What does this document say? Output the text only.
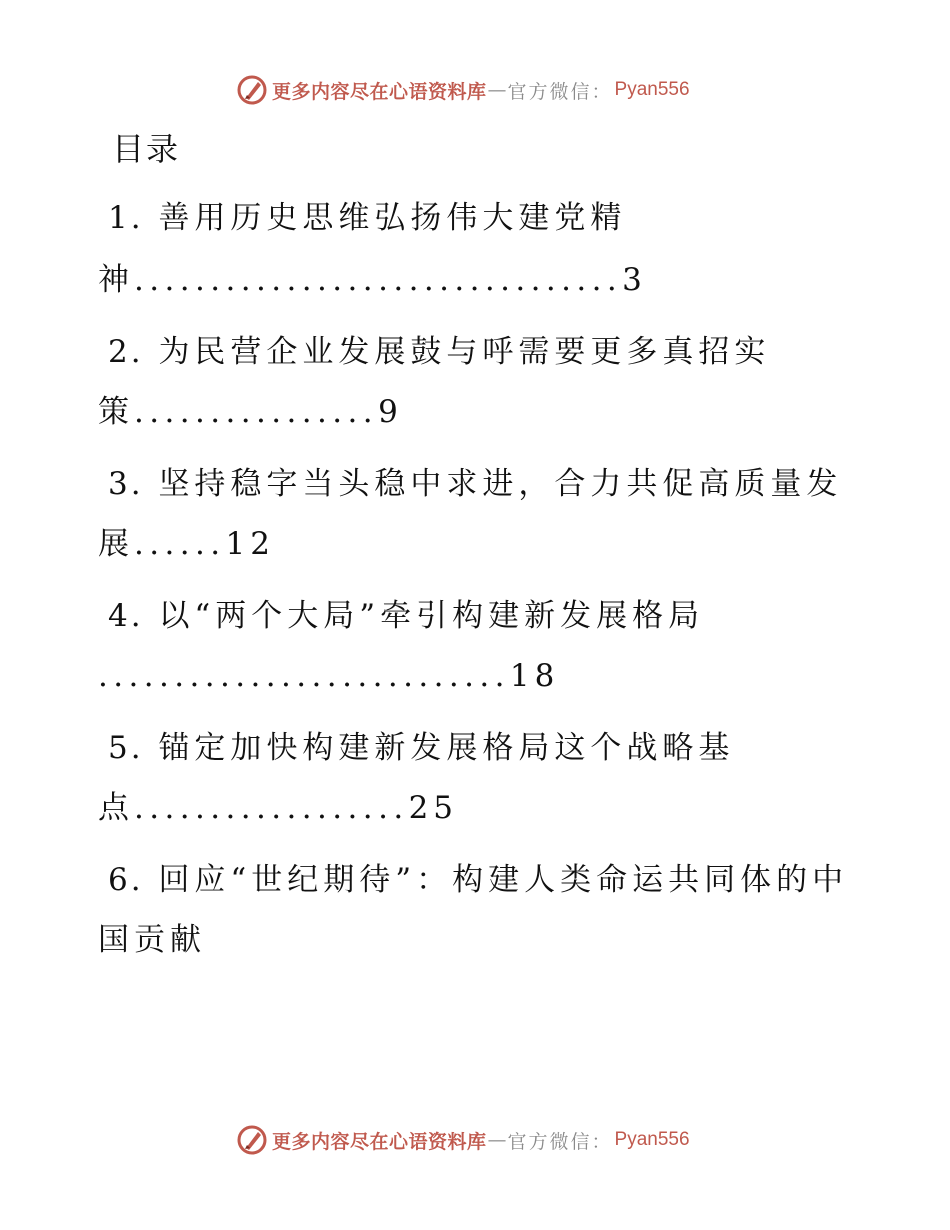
更多内容尽在心语资料库 — 官方微信： Pyan556
目录
1. 善用历史思维弘扬伟大建党精
神................................3
2. 为民营企业发展鼓与呼需要更多真招实
策................9
3. 坚持稳字当头稳中求进，合力共促高质量发
展......12
4. 以“两个大局”牵引构建新发展格局
...........................18
5. 锚定加快构建新发展格局这个战略基
点..................25
6. 回应“世纪期待”：构建人类命运共同体的中
国贡献
更多内容尽在心语资料库 — 官方微信： Pyan556
